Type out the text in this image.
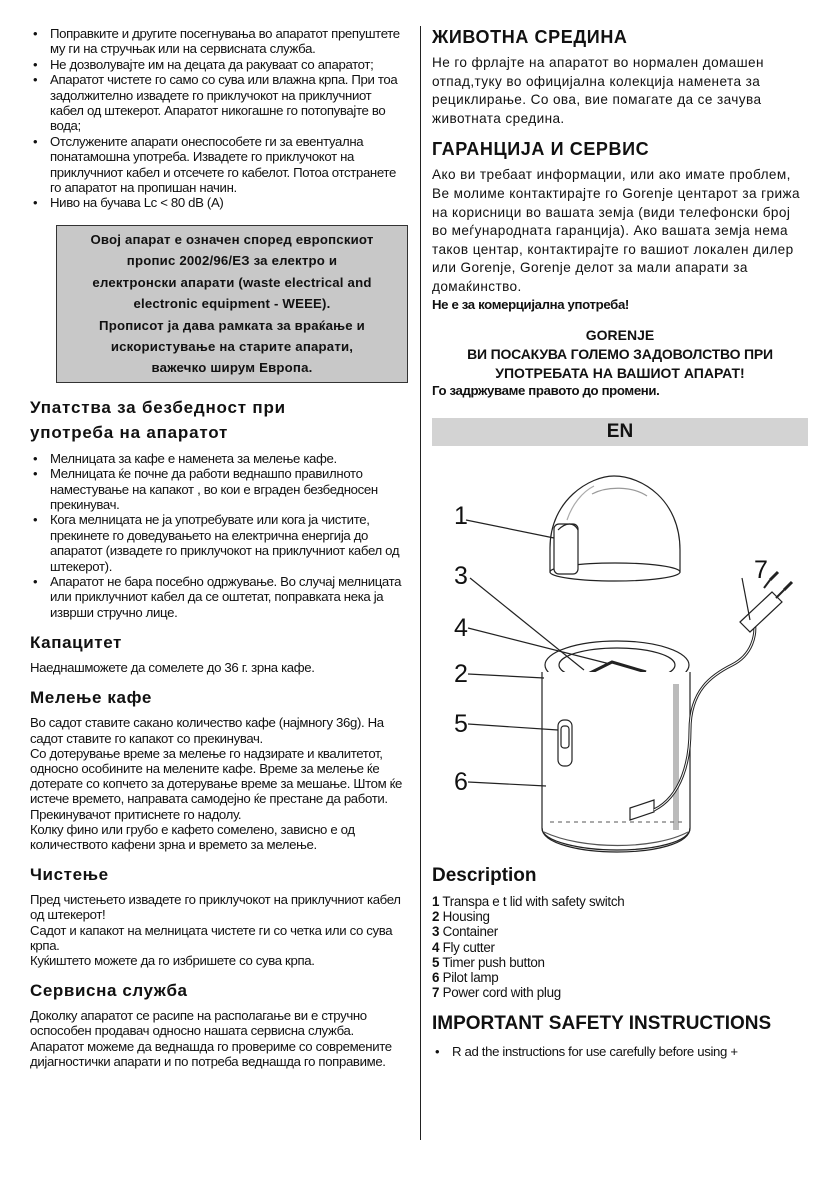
• Поправките и другите посегнувања во апаратот препуштете му ги на стручњак или на сервисната служба.
• Не дозволувајте им на децата да ракуваат со апаратот;
• Апаратот чистете го само со сува или влажна крпа. При тоа задолжително извадете го приклучокот на приклучниот кабел од штекерот. Апаратот никогашне го потопувајте во вода;
• Отслужените апарати онеспособете ги за евентуална понатамошна употреба. Извадете го приклучокот на приклучниот кабел и отсечете го кабелот. Потоа отстранете го апаратот на пропишан начин.
• Ниво на бучава Lc < 80 dB (A)
Овој апарат е означен според европскиот
пропис 2002/96/ЕЗ за електро и
електронски апарати (waste electrical and
electronic equipment - WEEE).
Прописот ја дава рамката за враќање и
искористување на старите апарати,
важечко ширум Европа.
Упатства за безбедност при
употреба на апаратот
• Мелницата за кафе е наменета за мелење кафе.
• Мелницата ќе почне да работи веднашпо правилното наместување на капакот , во кои е вграден безбедносен прекинувач.
• Кога мелницата не ја употребувате или кога ја чистите, прекинете го доведувањето на електрична енергија до апаратот (извадете го приклучокот на приклучниот кабел од штекерот).
• Апаратот не бара посебно одржување. Во случај мелницата или приклучниот кабел да се оштетат, поправката нека ја изврши стручно лице.
Капацитет

Наеднашможете да сомелете до 36 г. зрна кафе.

Мелење кафе

Во садот ставите сакано количество кафе (најмногу 36g). На садот ставите го капакот со прекинувач.

Со дотерување време за мелење го надзирате и квалитетот, односно особините на мелените кафе. Време за мелење ќе дотерате со копчето за дотерување време за мешање. Штом ќе истече времето, направата самодејно ќе престане да работи.

Прекинувачот притиснете го надолу.

Колку фино или грубо е кафето сомелено, зависно е од количеството кафени зрна и времето за мелење.

Чистење

Пред чистењето извадете го приклучокот на приклучниот кабел од штекерот!

Садот и капакот на мелницата чистете ги со четка или со сува крпа.

Куќиштето можете да го избришете со сува крпа.

Сервисна служба

Доколку апаратот се расипе на располагање ви е стручно оспособен продавач односно нашата сервисна служба. Апаратот можеме да веднашда го провериме со современите дијагностички апарати и по потреба веднашда го поправиме.

ЖИВОТНА СРЕДИНА

Не го фрлајте на апаратот во нормален домашен отпад,туку во официјална колекција наменета за рециклирање. Со ова, вие помагате да се зачува животната средина.

ГАРАНЦИЈА И СЕРВИС

Ако ви требаат информации, или ако имате проблем, Ве молиме контактирајте го Gorenje центарот за грижа на корисници во вашата земја (види телефонски број во меѓународната гаранција). Ако вашата земја нема таков центар, контактирајте го вашиот локален дилер или Gorenje, Gorenje делот за мали апарати за домаќинство.

Не е за комерцијална употреба!

GORENJE
ВИ ПОСАКУВА ГОЛЕМО ЗАДОВОЛСТВО ПРИ
УПОТРЕБАТА НА ВАШИОТ АПАРАТ!

Го задржуваме правото до промени.

EN
1
3
4
2
5
6
7
Description
1 Transpa e t lid with safety switch
2 Housing
3 Container
4 Fly cutter
5 Timer push button
6 Pilot lamp
7 Power cord with plug
IMPORTANT SAFETY INSTRUCTIONS
• R ad the instructions for use carefully before using +
